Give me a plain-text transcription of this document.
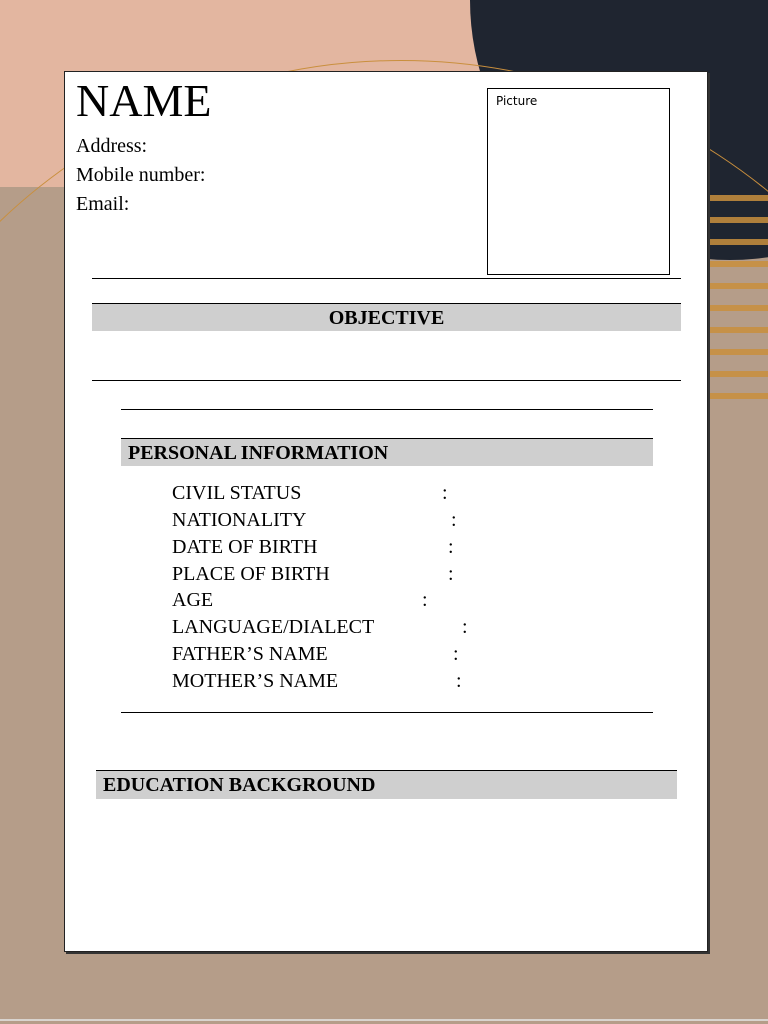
NAME
Address:
Mobile number:
Email:
Picture
OBJECTIVE
PERSONAL INFORMATION
CIVIL STATUS	:
NATIONALITY	:
DATE OF BIRTH	:
PLACE OF BIRTH	:
AGE	:
LANGUAGE/DIALECT	:
FATHER’S NAME	:
MOTHER’S NAME	:
EDUCATION BACKGROUND
